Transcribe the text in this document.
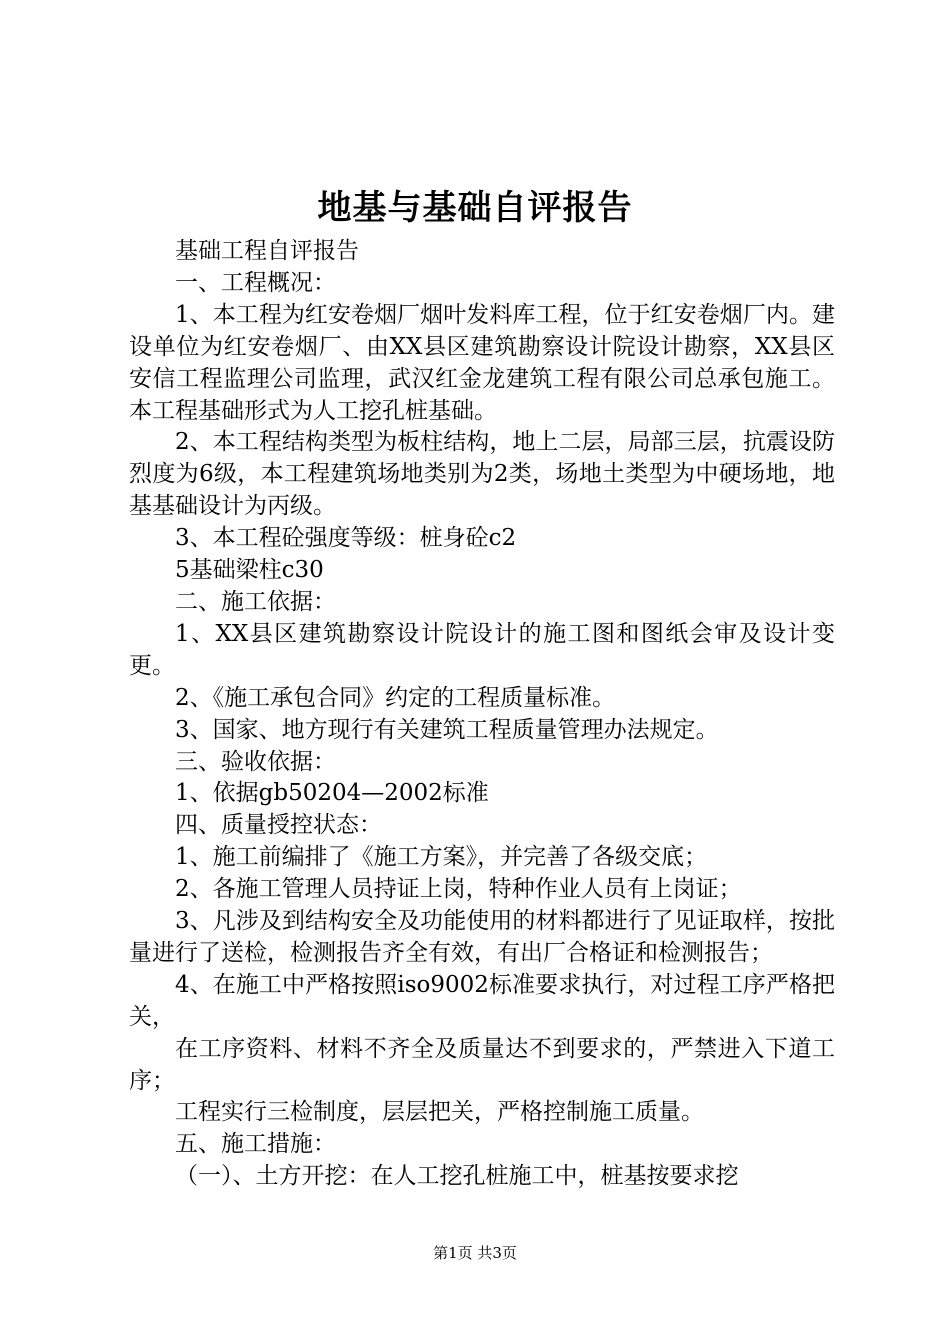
地基与基础自评报告

基础工程自评报告

一、工程概况：

1、本工程为红安卷烟厂烟叶发料库工程，位于红安卷烟厂内。建设单位为红安卷烟厂、由XX县区建筑勘察设计院设计勘察，XX县区安信工程监理公司监理，武汉红金龙建筑工程有限公司总承包施工。本工程基础形式为人工挖孔桩基础。

2、本工程结构类型为板柱结构，地上二层，局部三层，抗震设防烈度为6级，本工程建筑场地类别为2类，场地土类型为中硬场地，地基基础设计为丙级。

3、本工程砼强度等级：桩身砼c2

5基础梁柱c30

二、施工依据：

1、XX县区建筑勘察设计院设计的施工图和图纸会审及设计变更。

2、《施工承包合同》约定的工程质量标准。

3、国家、地方现行有关建筑工程质量管理办法规定。

三、验收依据：

1、依据gb50204—2002标准

四、质量授控状态：

1、施工前编排了《施工方案》，并完善了各级交底；

2、各施工管理人员持证上岗，特种作业人员有上岗证；

3、凡涉及到结构安全及功能使用的材料都进行了见证取样，按批量进行了送检，检测报告齐全有效，有出厂合格证和检测报告；

4、在施工中严格按照iso9002标准要求执行，对过程工序严格把关，

在工序资料、材料不齐全及质量达不到要求的，严禁进入下道工序；

工程实行三检制度，层层把关，严格控制施工质量。

五、施工措施：

（一）、土方开挖：在人工挖孔桩施工中，桩基按要求挖

第1页 共3页
